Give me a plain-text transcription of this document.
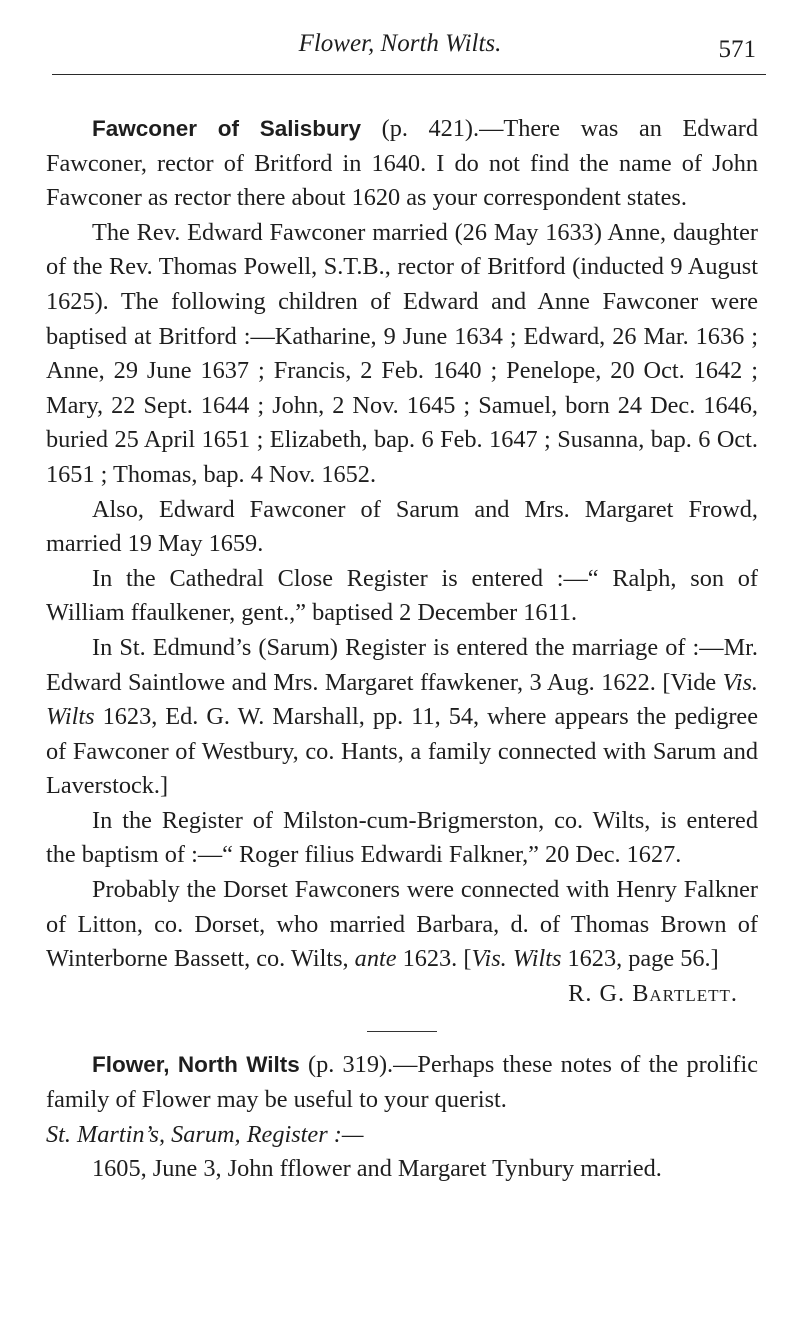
Flower, North Wilts.	571

Fawconer of Salisbury (p. 421).—There was an Edward Fawconer, rector of Britford in 1640. I do not find the name of John Fawconer as rector there about 1620 as your correspondent states.

The Rev. Edward Fawconer married (26 May 1633) Anne, daughter of the Rev. Thomas Powell, S.T.B., rector of Britford (inducted 9 August 1625). The following children of Edward and Anne Fawconer were baptised at Britford :—Katharine, 9 June 1634 ; Edward, 26 Mar. 1636 ; Anne, 29 June 1637 ; Francis, 2 Feb. 1640 ; Penelope, 20 Oct. 1642 ; Mary, 22 Sept. 1644 ; John, 2 Nov. 1645 ; Samuel, born 24 Dec. 1646, buried 25 April 1651 ; Elizabeth, bap. 6 Feb. 1647 ; Susanna, bap. 6 Oct. 1651 ; Thomas, bap. 4 Nov. 1652.

Also, Edward Fawconer of Sarum and Mrs. Margaret Frowd, married 19 May 1659.

In the Cathedral Close Register is entered :—“ Ralph, son of William ffaulkener, gent.,” baptised 2 December 1611.

In St. Edmund’s (Sarum) Register is entered the marriage of :—Mr. Edward Saintlowe and Mrs. Margaret ffawkener, 3 Aug. 1622. [Vide Vis. Wilts 1623, Ed. G. W. Marshall, pp. 11, 54, where appears the pedigree of Fawconer of Westbury, co. Hants, a family connected with Sarum and Laverstock.]

In the Register of Milston-cum-Brigmerston, co. Wilts, is entered the baptism of :—“ Roger filius Edwardi Falkner,” 20 Dec. 1627.

Probably the Dorset Fawconers were connected with Henry Falkner of Litton, co. Dorset, who married Barbara, d. of Thomas Brown of Winterborne Bassett, co. Wilts, ante 1623. [Vis. Wilts 1623, page 56.]

R. G. Bartlett.

Flower, North Wilts (p. 319).—Perhaps these notes of the prolific family of Flower may be useful to your querist.

St. Martin’s, Sarum, Register :—

1605, June 3, John fflower and Margaret Tynbury married.
